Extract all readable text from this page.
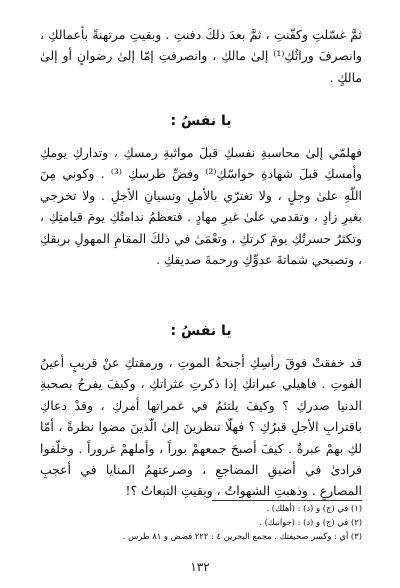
ثمَّ غسّلتِ وكفّنتِ ، ثمَّ بعدَ ذلكَ دفنتِ . وبقيتِ مرتهنةً بأعمالكِ ، وانصرفَ وراثُكِ⁽¹⁾ إلىٰ مالكِ ، وانصرفتِ إمّا إلىٰ رضوانٍ أو إلىٰ مالكٍ .

يا نفسُ :

فهلمّي إلىٰ محاسبةِ نفسكِ قبلَ مواثبةِ رمسكِ ، وتداركِ يومكِ وأمسكِ قبلَ شهادةِ حواسّكِ⁽²⁾ وفضِّ طرسكِ ⁽³⁾ . وكوني مِنَ اللّهِ علىٰ وجلٍ ، ولا تغترّي بالأملِ ونسيانِ الأجلِ . ولا تخرجي بغيرِ زادٍ ، وتقدمي علىٰ غيرِ مهادٍ . فتعظمُ ندامتُكِ يومَ قيامتِكِ ، وتكثرُ حسرتُكِ يومَ كرتكِ ، وتعْمَىٰ في ذلكَ المقامِ المهولِ بربقكِ ، وتصبحي شماتةَ عدوِّكِ ورحمةَ صديقكِ .

يا نفسُ :

قد خفقتْ فوقَ رأسِكِ أجنحةُ الموتِ ، ورمقتكِ عنْ قريبٍ أعينُ الفوتِ . فاهيلي عبراتكِ إذا ذكرتِ عثراتكِ ، وكيفَ يفرحُ بصحبةِ الدنيا صدركِ ؟ وكيفَ يلتئمُ في غمراتها أمركِ ، وقدْ دعاكِ باقترابِ الأجلِ قبرُكِ ؟ فهلّا تنظرينَ إلىٰ الّذينَ مضوا نظرةً ، أمّا لكِ بهمْ عبرةٌ . كيفَ أصبحَ جمعهمْ بوراً ، وأملهمْ غروراً . وخلّفوا فرادىٰ في أضيقِ المضاجعِ ، وصرعتهمُ المنايا في أعجبِ المصارعِ . وذهبتِ الشهواتُ ، وبقيتِ التبعاتُ ؟!

(١) في (ج) و (د) : (أهلك) .

(٢) في (ج) و (د) : (جوانبك) .

(٣) أي : وكسر صحيفتك . مجمع البحرين ٤ : ٢٢٢ فضض و ٨١ طرس .

١٣٢
